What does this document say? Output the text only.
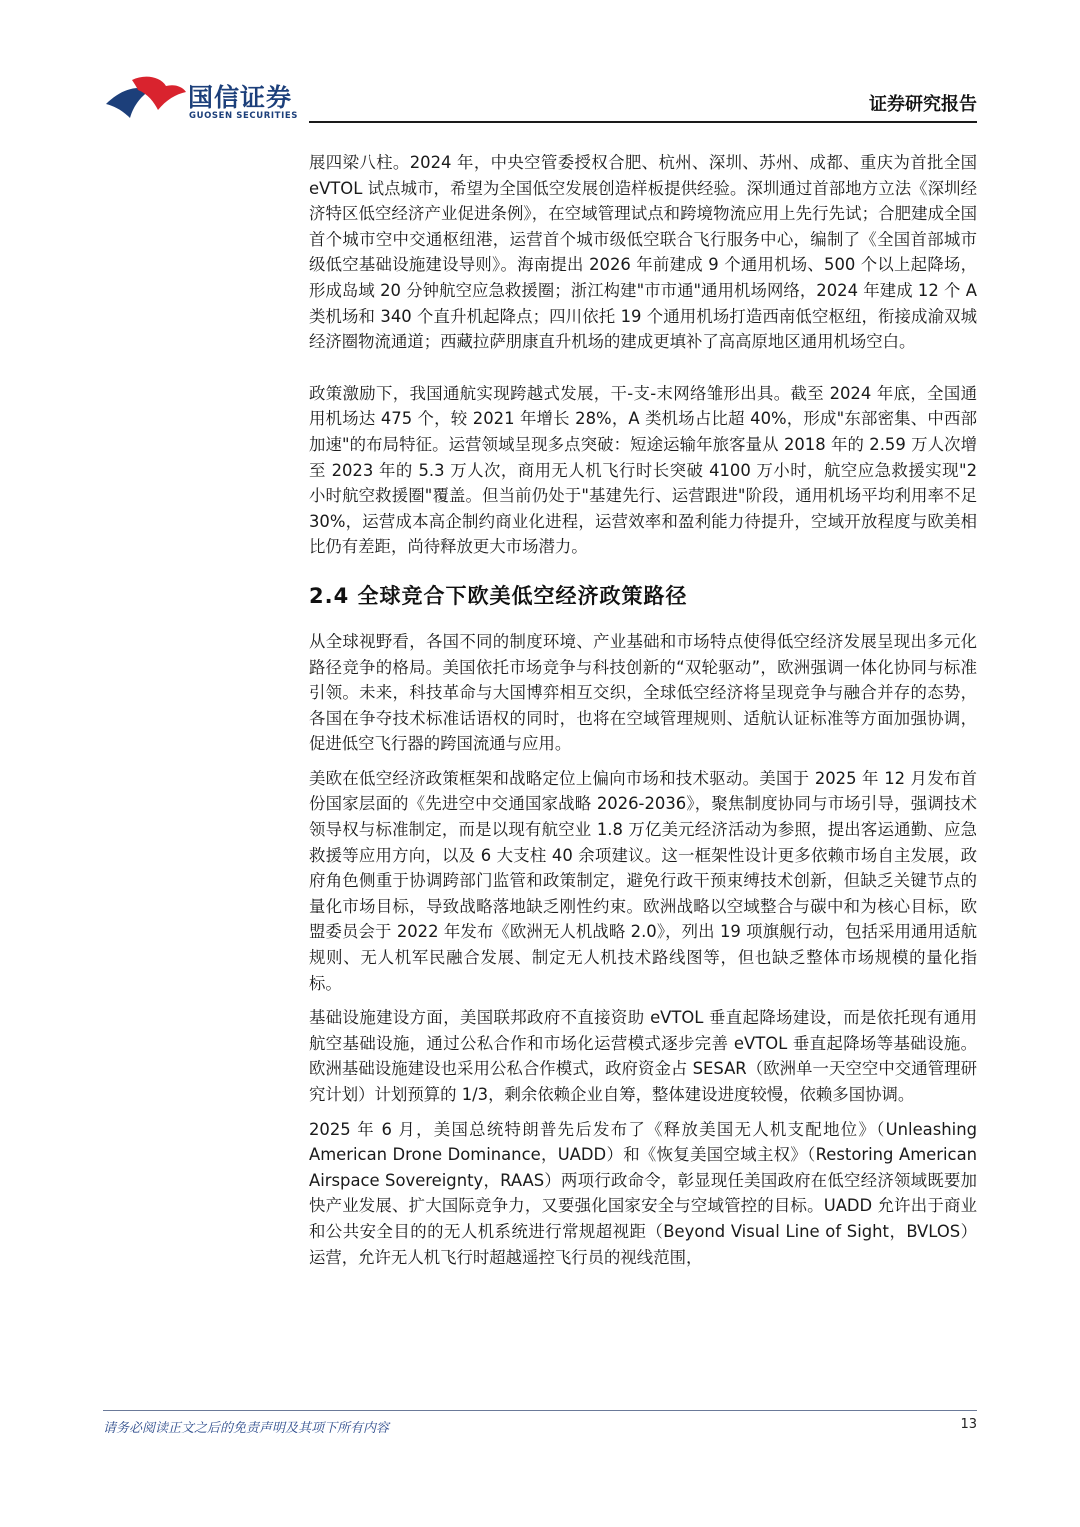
国信证券
GUOSEN SECURITIES
证券研究报告

展四梁八柱。2024 年，中央空管委授权合肥、杭州、深圳、苏州、成都、重庆为首批全国 eVTOL 试点城市，希望为全国低空发展创造样板提供经验。深圳通过首部地方立法《深圳经济特区低空经济产业促进条例》，在空域管理试点和跨境物流应用上先行先试；合肥建成全国首个城市空中交通枢纽港，运营首个城市级低空联合飞行服务中心，编制了《全国首部城市级低空基础设施建设导则》。海南提出 2026 年前建成 9 个通用机场、500 个以上起降场，形成岛域 20 分钟航空应急救援圈；浙江构建"市市通"通用机场网络，2024 年建成 12 个 A 类机场和 340 个直升机起降点；四川依托 19 个通用机场打造西南低空枢纽，衔接成渝双城经济圈物流通道；西藏拉萨朋康直升机场的建成更填补了高高原地区通用机场空白。

政策激励下，我国通航实现跨越式发展，干-支-末网络雏形出具。截至 2024 年底，全国通用机场达 475 个，较 2021 年增长 28%，A 类机场占比超 40%，形成"东部密集、中西部加速"的布局特征。运营领域呈现多点突破：短途运输年旅客量从 2018 年的 2.59 万人次增至 2023 年的 5.3 万人次，商用无人机飞行时长突破 4100 万小时，航空应急救援实现"2 小时航空救援圈"覆盖。但当前仍处于"基建先行、运营跟进"阶段，通用机场平均利用率不足 30%，运营成本高企制约商业化进程，运营效率和盈利能力待提升，空域开放程度与欧美相比仍有差距，尚待释放更大市场潜力。

2.4 全球竞合下欧美低空经济政策路径

从全球视野看，各国不同的制度环境、产业基础和市场特点使得低空经济发展呈现出多元化路径竞争的格局。美国依托市场竞争与科技创新的“双轮驱动”，欧洲强调一体化协同与标准引领。未来，科技革命与大国博弈相互交织，全球低空经济将呈现竞争与融合并存的态势，各国在争夺技术标准话语权的同时，也将在空域管理规则、适航认证标准等方面加强协调，促进低空飞行器的跨国流通与应用。

美欧在低空经济政策框架和战略定位上偏向市场和技术驱动。美国于 2025 年 12 月发布首份国家层面的《先进空中交通国家战略 2026-2036》，聚焦制度协同与市场引导，强调技术领导权与标准制定，而是以现有航空业 1.8 万亿美元经济活动为参照，提出客运通勤、应急救援等应用方向，以及 6 大支柱 40 余项建议。这一框架性设计更多依赖市场自主发展，政府角色侧重于协调跨部门监管和政策制定，避免行政干预束缚技术创新，但缺乏关键节点的量化市场目标，导致战略落地缺乏刚性约束。欧洲战略以空域整合与碳中和为核心目标，欧盟委员会于 2022 年发布《欧洲无人机战略 2.0》，列出 19 项旗舰行动，包括采用通用适航规则、无人机军民融合发展、制定无人机技术路线图等，但也缺乏整体市场规模的量化指标。

基础设施建设方面，美国联邦政府不直接资助 eVTOL 垂直起降场建设，而是依托现有通用航空基础设施，通过公私合作和市场化运营模式逐步完善 eVTOL 垂直起降场等基础设施。欧洲基础设施建设也采用公私合作模式，政府资金占 SESAR（欧洲单一天空空中交通管理研究计划）计划预算的 1/3，剩余依赖企业自筹，整体建设进度较慢，依赖多国协调。

2025 年 6 月，美国总统特朗普先后发布了《释放美国无人机支配地位》（Unleashing American Drone Dominance，UADD）和《恢复美国空域主权》（Restoring American Airspace Sovereignty，RAAS）两项行政命令，彰显现任美国政府在低空经济领域既要加快产业发展、扩大国际竞争力，又要强化国家安全与空域管控的目标。UADD 允许出于商业和公共安全目的的无人机系统进行常规超视距（Beyond Visual Line of Sight，BVLOS）运营，允许无人机飞行时超越遥控飞行员的视线范围，

请务必阅读正文之后的免责声明及其项下所有内容	13
